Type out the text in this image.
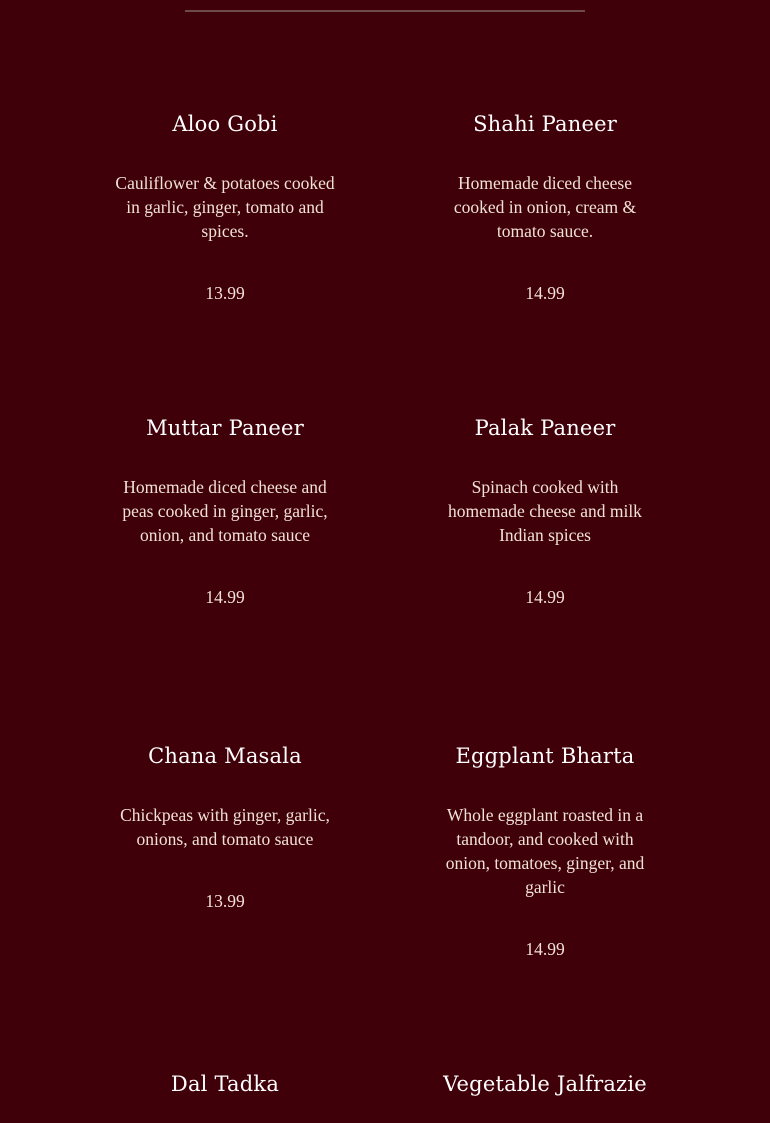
Aloo Gobi

Cauliflower & potatoes cooked in garlic, ginger, tomato and spices.

13.99

Shahi Paneer

Homemade diced cheese cooked in onion, cream & tomato sauce.

14.99

Muttar Paneer

Homemade diced cheese and peas cooked in ginger, garlic, onion, and tomato sauce

14.99

Palak Paneer

Spinach cooked with homemade cheese and milk Indian spices

14.99

Chana Masala

Chickpeas with ginger, garlic, onions, and tomato sauce

13.99

Eggplant Bharta

Whole eggplant roasted in a tandoor, and cooked with onion, tomatoes, ginger, and garlic

14.99

Dal Tadka	Vegetable Jalfrazie
